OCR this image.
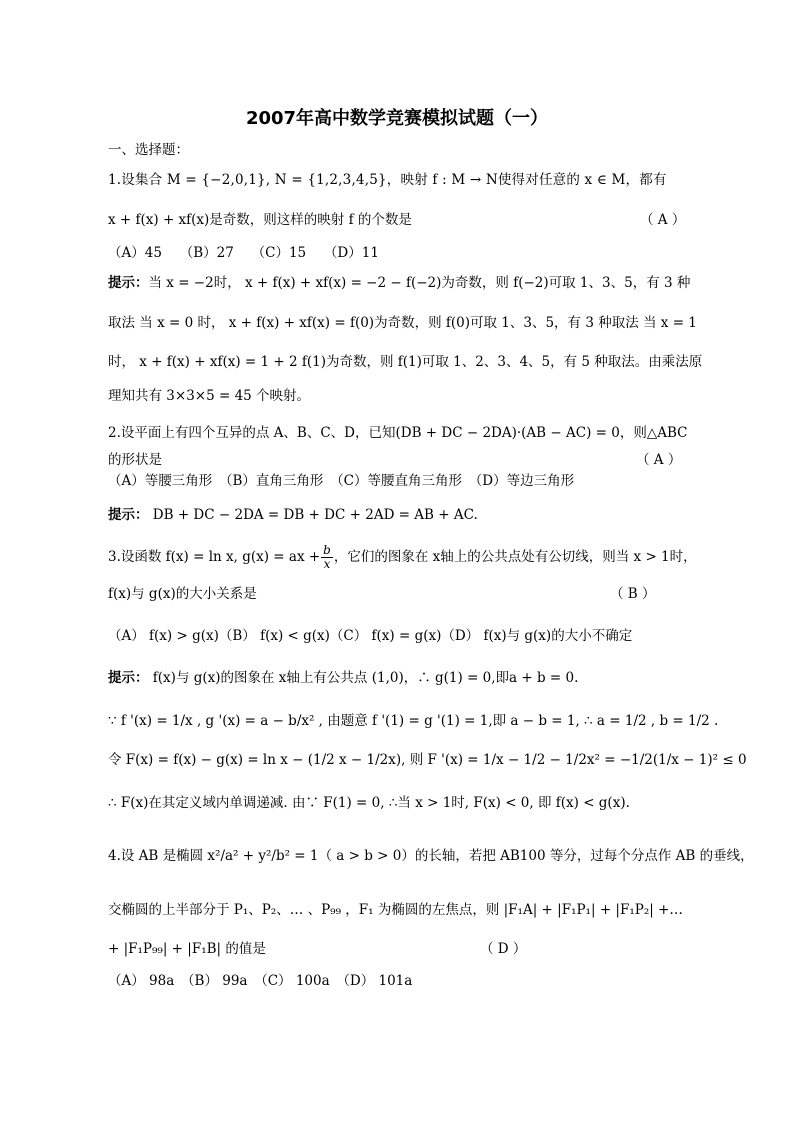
2007年高中数学竞赛模拟试题（一）
一、选择题：
1.设集合 M = {−2,0,1}, N = {1,2,3,4,5}，映射 f : M → N使得对任意的 x ∈ M，都有
x + f(x) + xf(x)是奇数，则这样的映射 f 的个数是	（ A ）
（A）45　 （B）27　 （C）15　 （D）11
提示：当 x = −2时， x + f(x) + xf(x) = −2 − f(−2)为奇数，则 f(−2)可取 1、3、5，有 3 种
取法 当 x = 0 时， x + f(x) + xf(x) = f(0)为奇数，则 f(0)可取 1、3、5，有 3 种取法 当 x = 1
时， x + f(x) + xf(x) = 1 + 2 f(1)为奇数，则 f(1)可取 1、2、3、4、5，有 5 种取法。由乘法原
理知共有 3×3×5 = 45 个映射。
2.设平面上有四个互异的点 A、B、C、D，已知(DB + DC − 2DA)·(AB − AC) = 0，则△ABC
的形状是	（ A ）
（A）等腰三角形　（B）直角三角形　（C）等腰直角三角形　（D）等边三角形
提示： DB + DC − 2DA = DB + DC + 2AD = AB + AC.
3.设函数 f(x) = ln x, g(x) = ax + $\frac{b}{x}$ ，它们的图象在 x轴上的公共点处有公切线，则当 x > 1时，
f(x)与 g(x)的大小关系是	（ B ）
（A） f(x) > g(x)（B） f(x) < g(x)（C） f(x) = g(x)（D） f(x)与 g(x)的大小不确定
提示： f(x)与 g(x)的图象在 x轴上有公共点 (1,0)，∴ g(1) = 0,即a + b = 0.
∵ f '(x) = 1/x , g '(x) = a − b/x² , 由题意 f '(1) = g '(1) = 1,即 a − b = 1, ∴ a = 1/2 , b = 1/2 .
令 F(x) = f(x) − g(x) = ln x − (1/2 x − 1/2x), 则 F '(x) = 1/x − 1/2 − 1/2x² = −1/2(1/x − 1)² ≤ 0
∴ F(x)在其定义域内单调递减. 由∵ F(1) = 0, ∴当 x > 1时, F(x) < 0, 即 f(x) < g(x).
4.设 AB 是椭圆 x²/a² + y²/b² = 1（ a > b > 0）的长轴，若把 AB100 等分，过每个分点作 AB 的垂线，
交椭圆的上半部分于 P₁、P₂、… 、P₉₉ ，F₁ 为椭圆的左焦点，则 |F₁A| + |F₁P₁| + |F₁P₂| +…
+ |F₁P₉₉| + |F₁B| 的值是	（ D ）
（A） 98a　（B） 99a　（C） 100a　（D） 101a
